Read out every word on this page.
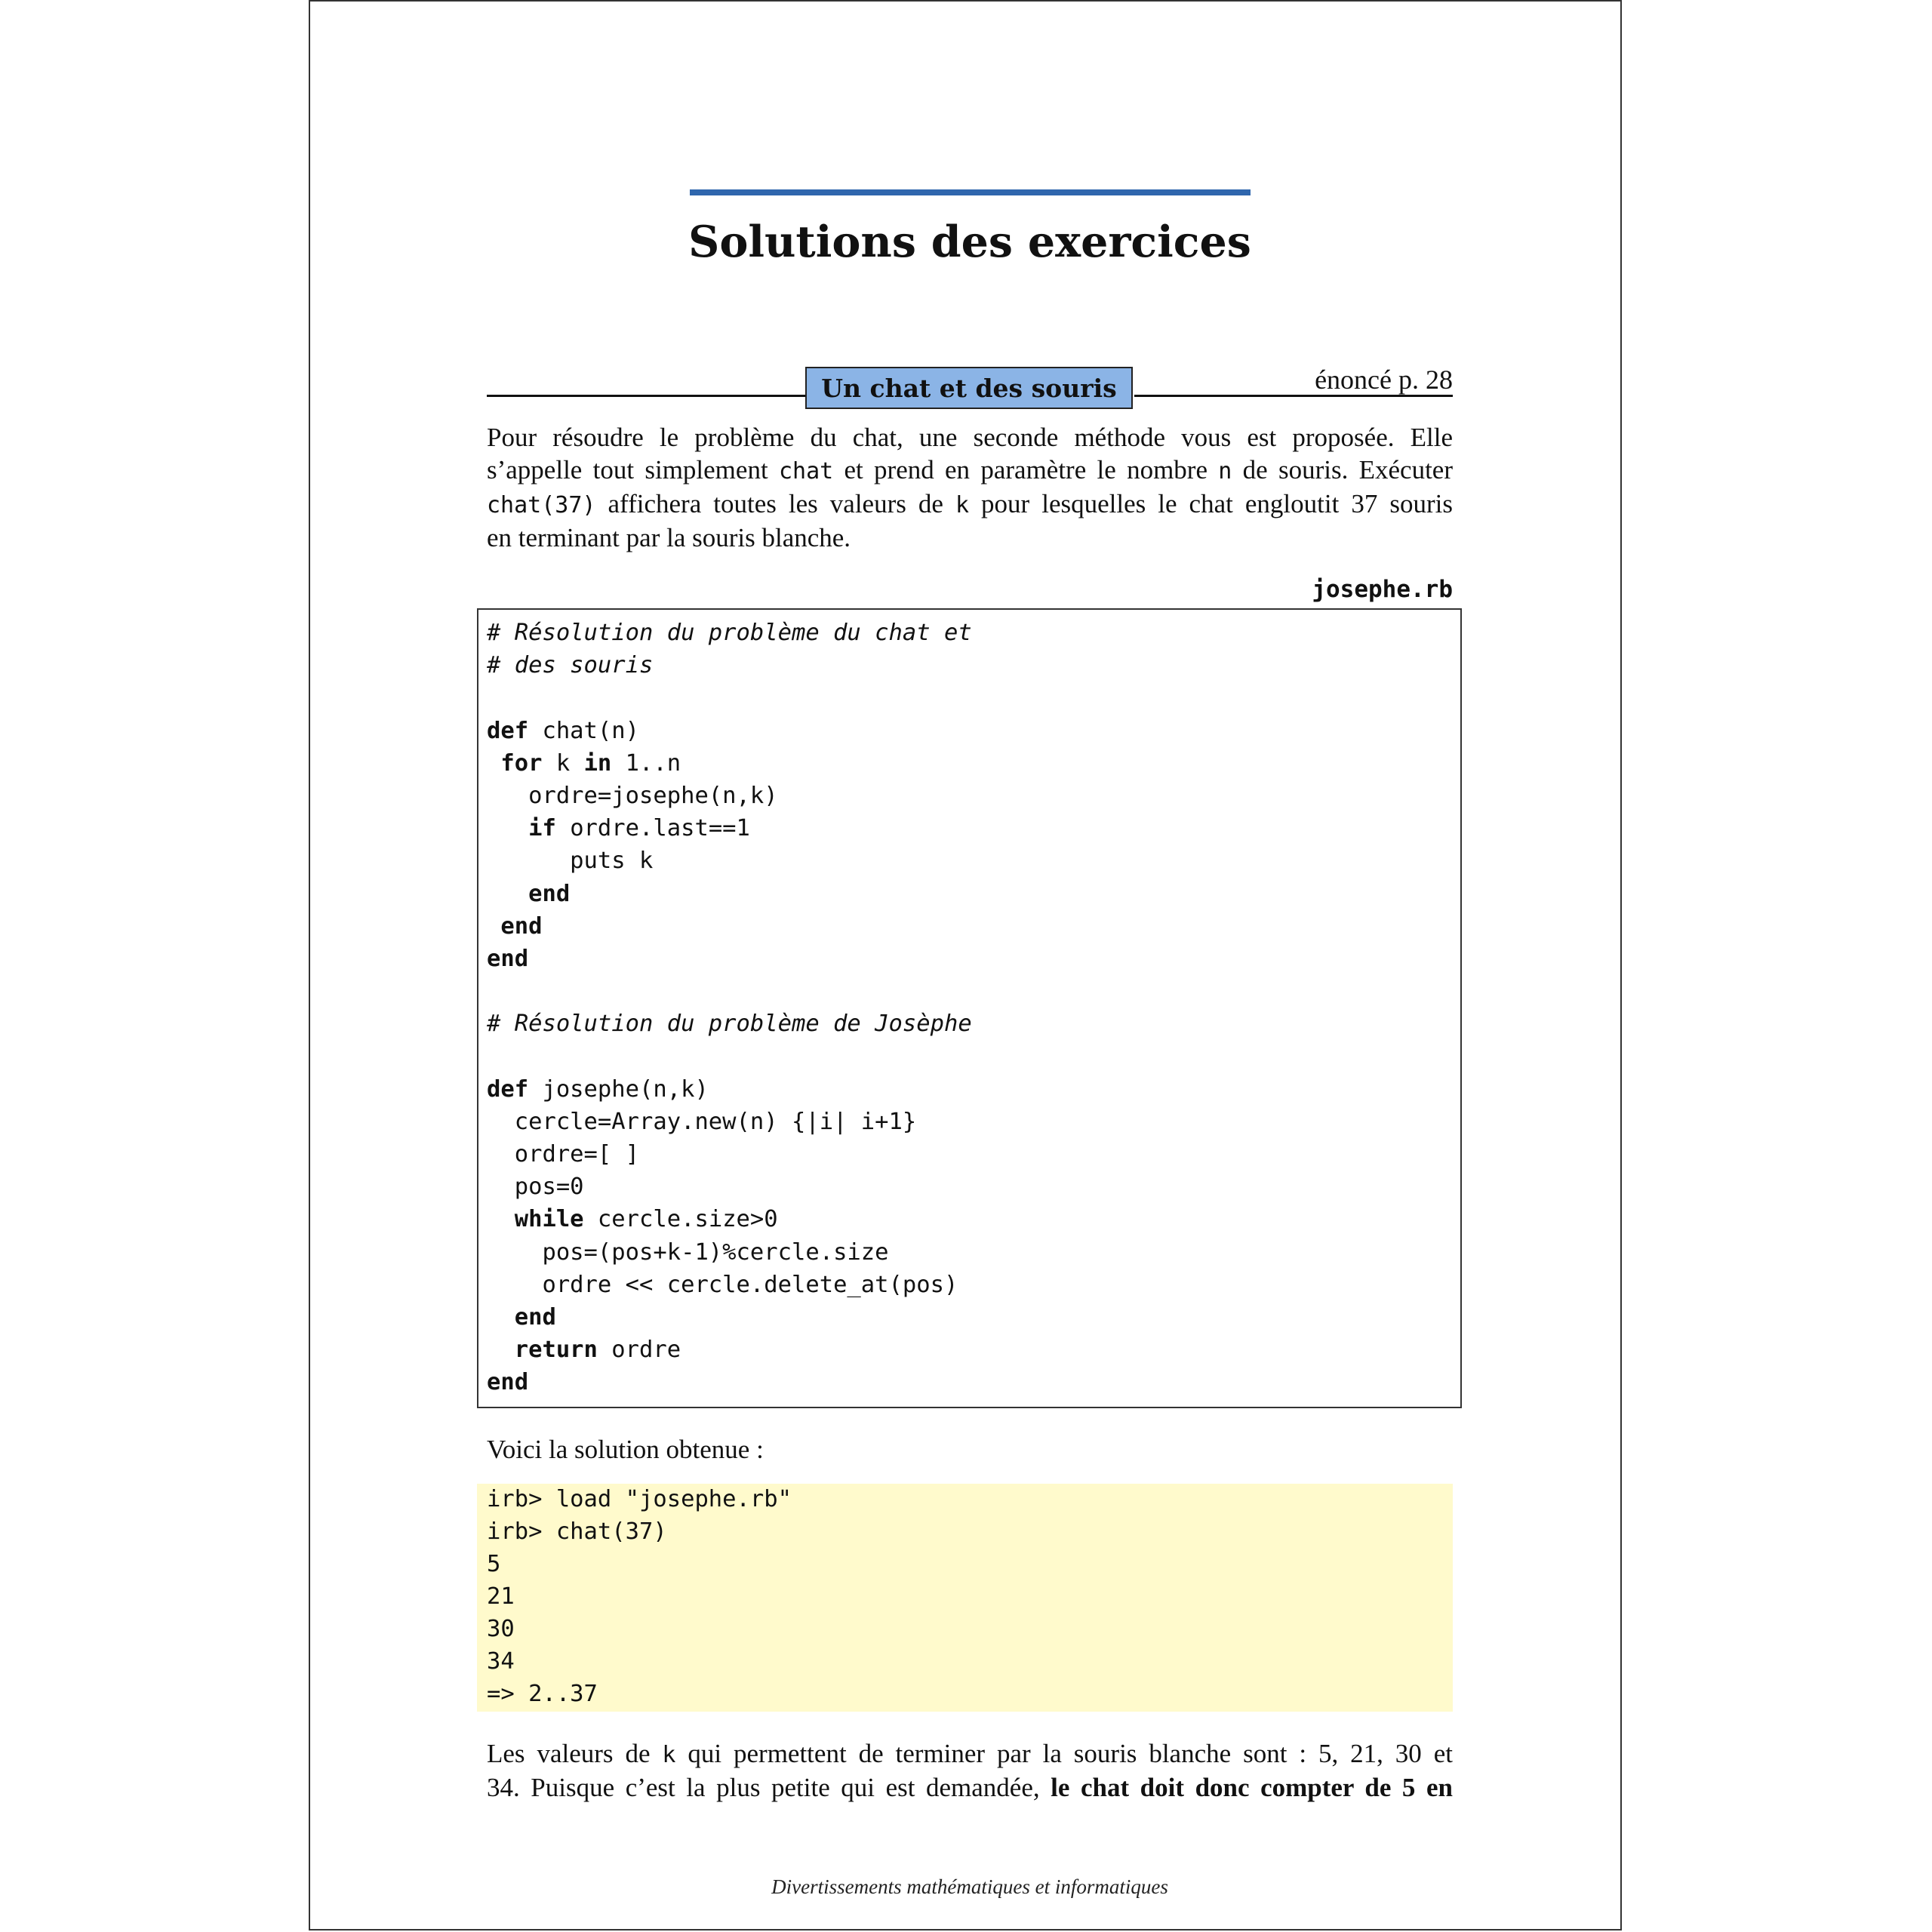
Solutions des exercices
Un chat et des souris	énoncé p. 28
Pour résoudre le problème du chat, une seconde méthode vous est proposée. Elle
s’appelle tout simplement chat et prend en paramètre le nombre n de souris. Exécuter
chat(37) affichera toutes les valeurs de k pour lesquelles le chat engloutit 37 souris
en terminant par la souris blanche.
josephe.rb
# Résolution du problème du chat et
# des souris
def chat(n)
for k in 1..n
ordre=josephe(n,k)
if ordre.last==1
puts k
end
end
end
# Résolution du problème de Josèphe
def josephe(n,k)
cercle=Array.new(n) {|i| i+1}
ordre=[ ]
pos=0
while cercle.size>0
pos=(pos+k-1)%cercle.size
ordre << cercle.delete_at(pos)
end
return ordre
end
Voici la solution obtenue :
irb> load "josephe.rb"
irb> chat(37)
5
21
30
34
=> 2..37
Les valeurs de k qui permettent de terminer par la souris blanche sont : 5, 21, 30 et
34. Puisque c’est la plus petite qui est demandée, le chat doit donc compter de 5 en
Divertissements mathématiques et informatiques
